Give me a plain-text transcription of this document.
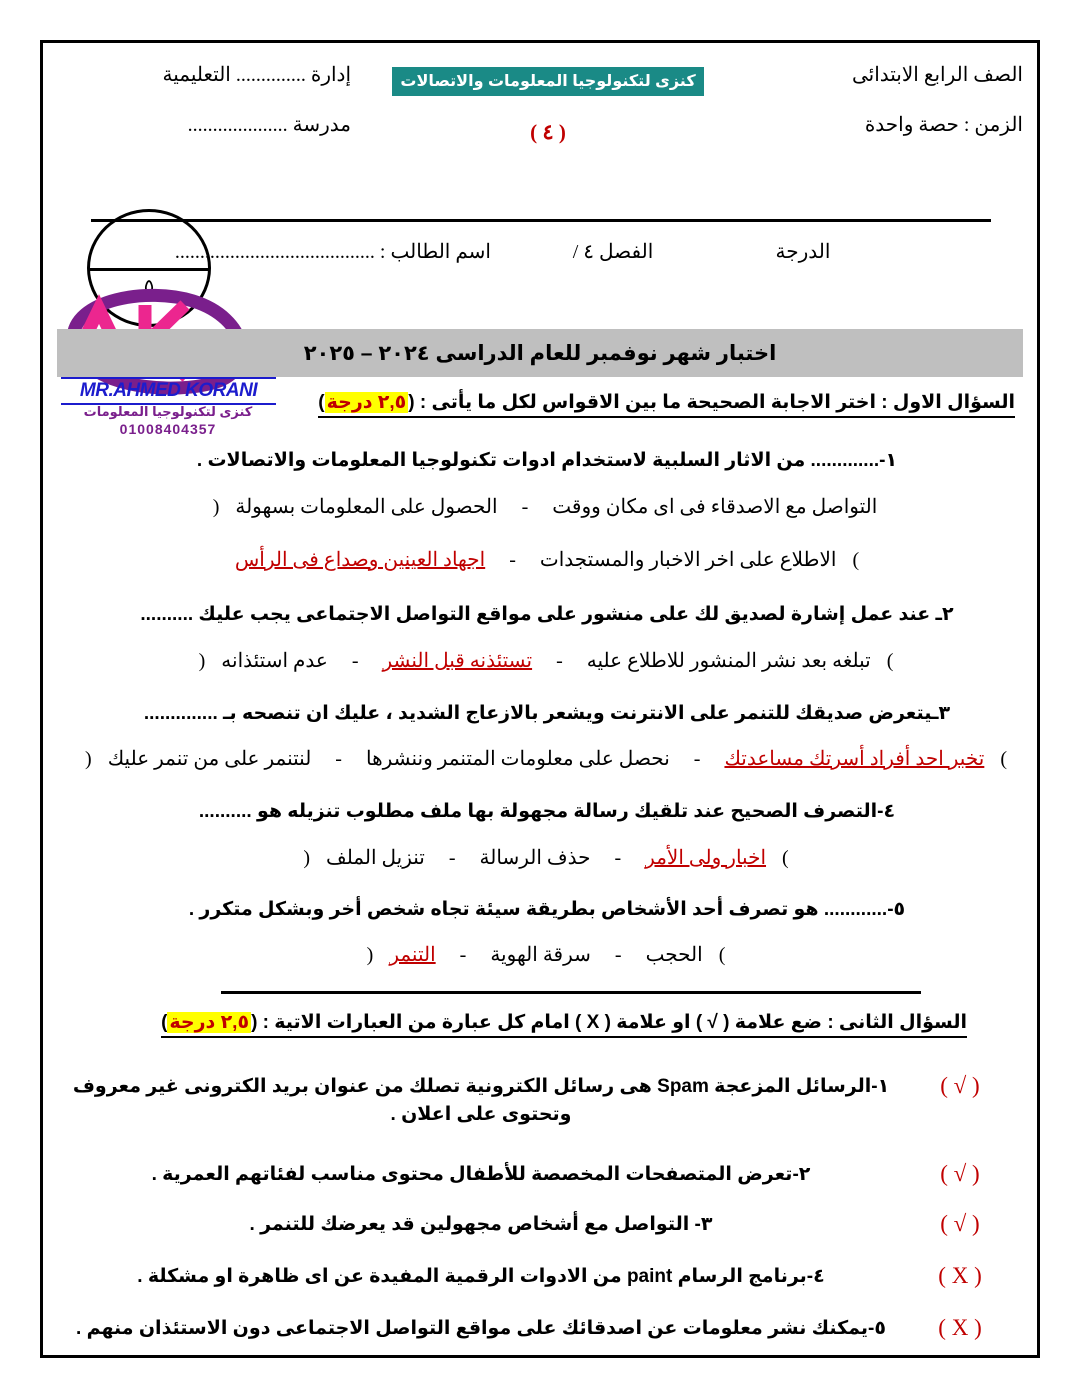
إدارة .............. التعليمية
مدرسة ....................
كنزى لتكنولوجيا المعلومات والاتصالات
( ٤ )
الصف الرابع الابتدائى
الزمن : حصة واحدة
اسم الطالب : ........................................	الفصل ٤ /	الدرجة
٥
MR.AHMED KORANI
كنزى لتكنولوجيا المعلومات
01008404357
اختبار شهر نوفمبر للعام الدراسى ٢٠٢٤ – ٢٠٢٥
السؤال الاول : اختر الاجابة الصحيحة ما بين الاقواس لكل ما يأتى : (٢,٥ درجة)
١-............. من الاثار السلبية لاستخدام ادوات تكنولوجيا المعلومات والاتصالات .
( الحصول على المعلومات بسهولة	-	التواصل مع الاصدقاء فى اى مكان ووقت
اجهاد العينين وصداع فى الرأس	-	الاطلاع على اخر الاخبار والمستجدات )
٢ـ عند عمل إشارة لصديق لك على منشور على مواقع التواصل الاجتماعى يجب عليك ..........
( عدم استئذانه	-	تستئذنه قبل النشر	-	تبلغه بعد نشر المنشور للاطلاع عليه )
٣ـيتعرض صديقك للتنمر على الانترنت ويشعر بالازعاج الشديد ، عليك ان تنصحه بـ ..............
( لنتنمر على من تنمر عليك	-	نحصل على معلومات المتنمر وننشرها	-	تخبر احد أفراد أسرتك مساعدتك )
٤-التصرف الصحيح عند تلقيك رسالة مجهولة بها ملف مطلوب تنزيله هو ..........
( تنزيل الملف	-	حذف الرسالة	-	اخبار ولى الأمر )
٥-............ هو تصرف أحد الأشخاص بطريقة سيئة تجاه شخص أخر وبشكل متكرر .
( التنمر	-	سرقة الهوية	-	الحجب )
السؤال الثانى : ضع علامة ( √ ) او علامة ( X ) امام كل عبارة من العبارات الاتية : (٢,٥ درجة)
١-الرسائل المزعجة Spam هى رسائل الكترونية تصلك من عنوان بريد الكترونى غير معروف وتحتوى على اعلان .
( √ )
٢-تعرض المتصفحات المخصصة للأطفال محتوى مناسب لفئاتهم العمرية .	( √ )
٣- التواصل مع أشخاص مجهولين قد يعرضك للتنمر .	( √ )
٤-برنامج الرسام paint من الادوات الرقمية المفيدة عن اى ظاهرة او مشكلة .	( X )
٥-يمكنك نشر معلومات عن اصدقائك على مواقع التواصل الاجتماعى دون الاستئذان منهم .	( X )
